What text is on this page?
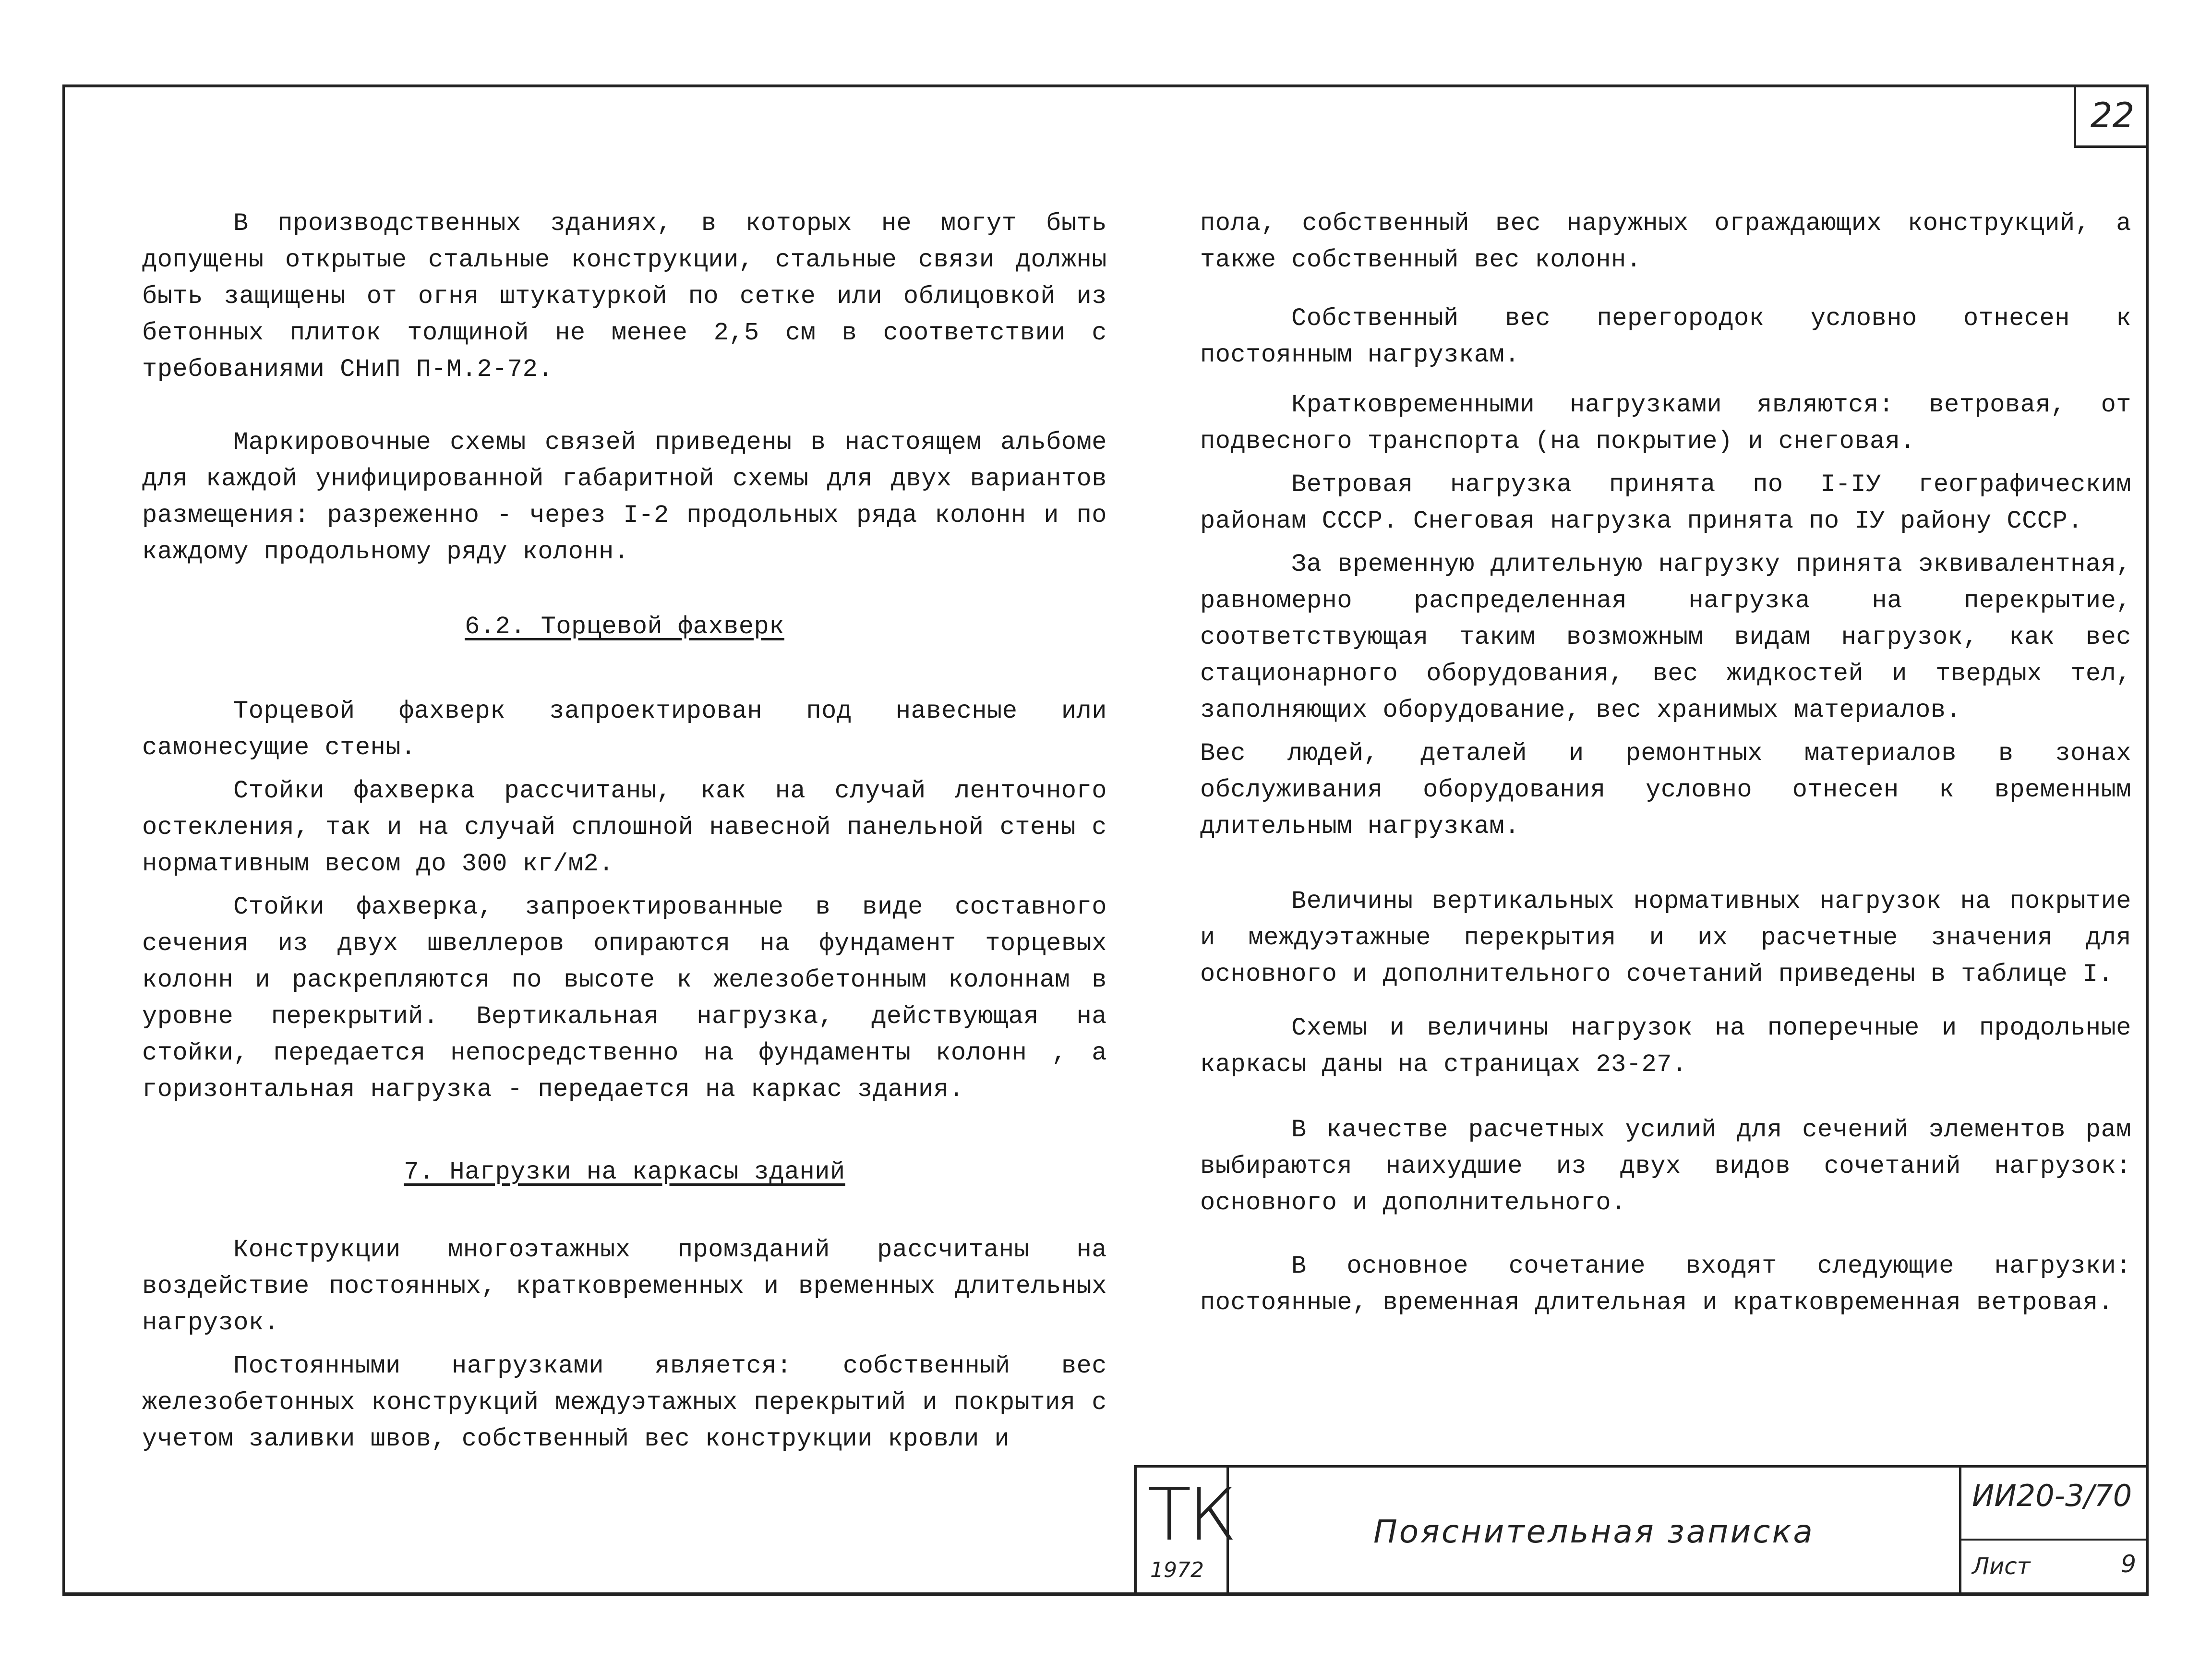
22

В производственных зданиях, в которых не могут быть допущены открытые стальные конструкции, стальные связи должны быть защищены от огня штукатуркой по сетке или облицовкой из бетонных плиток толщиной не менее 2,5 см в соответствии с требованиями СНиП П-М.2-72.

Маркировочные схемы связей приведены в настоящем альбоме для каждой унифицированной габаритной схемы для двух вариантов размещения: разреженно - через I-2 продольных ряда колонн и по каждому продольному ряду колонн.

6.2. Торцевой фахверк

Торцевой фахверк запроектирован под навесные или самонесущие стены.

Стойки фахверка рассчитаны, как на случай ленточного остекления, так и на случай сплошной навесной панельной стены с нормативным весом до 300 кг/м2.

Стойки фахверка, запроектированные в виде составного сечения из двух швеллеров опираются на фундамент торцевых колонн и раскрепляются по высоте к железобетонным колоннам в уровне перекрытий. Вертикальная нагрузка, действующая на стойки, передается непосредственно на фундаменты колонн , а горизонтальная нагрузка - передается на каркас здания.

7. Нагрузки на каркасы зданий

Конструкции многоэтажных промзданий рассчитаны на воздействие постоянных, кратковременных и временных длительных нагрузок.

Постоянными нагрузками является: собственный вес железобетонных конструкций междуэтажных перекрытий и покрытия с учетом заливки швов, собственный вес конструкции кровли и

пола, собственный вес наружных ограждающих конструкций, а также собственный вес колонн.

Собственный вес перегородок условно отнесен к постоянным нагрузкам.

Кратковременными нагрузками являются: ветровая, от подвесного транспорта (на покрытие) и снеговая.

Ветровая нагрузка принята по I-IУ географическим районам СССР. Снеговая нагрузка принята по IУ району СССР.

За временную длительную нагрузку принята эквивалентная, равномерно распределенная нагрузка на перекрытие, соответствующая таким возможным видам нагрузок, как вес стационарного оборудования, вес жидкостей и твердых тел, заполняющих оборудование, вес хранимых материалов.

Вес людей, деталей и ремонтных материалов в зонах обслуживания оборудования условно отнесен к временным длительным нагрузкам.

Величины вертикальных нормативных нагрузок на покрытие и междуэтажные перекрытия и их расчетные значения для основного и дополнительного сочетаний приведены в таблице I.

Схемы и величины нагрузок на поперечные и продольные каркасы даны на страницах 23-27.

В качестве расчетных усилий для сечений элементов рам выбираются наихудшие из двух видов сочетаний нагрузок: основного и дополнительного.

В основное сочетание входят следующие нагрузки: постоянные, временная длительная и кратковременная ветровая.

ТК
1972
Пояснительная записка
ИИ20-3/70
Лист	9
